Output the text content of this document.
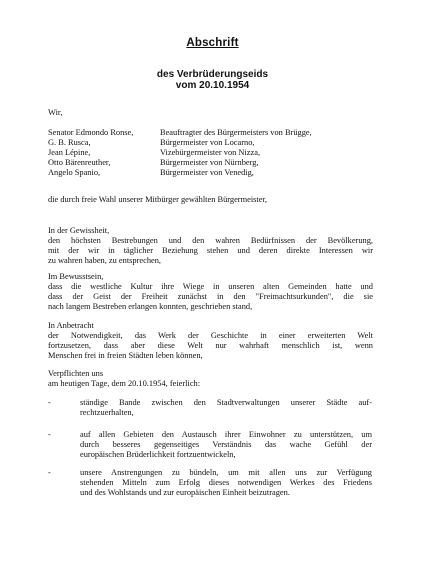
Abschrift
des Verbrüderungseids
vom 20.10.1954
Wir,
Senator Edmondo Ronse,	Beauftragter des Bürgermeisters von Brügge,
G. B. Rusca,	Bürgermeister von Locarno,
Jean Lépine,	Vizebürgermeister von Nizza,
Otto Bärenreuther,	Bürgermeister von Nürnberg,
Angelo Spanio,	Bürgermeister von Venedig,
die durch freie Wahl unserer Mitbürger gewählten Bürgermeister,
In der Gewissheit,
den höchsten Bestrebungen und den wahren Bedürfnissen der Bevölkerung,
mit der wir in täglicher Beziehung stehen und deren direkte Interessen wir
zu wahren haben, zu entsprechen,
Im Bewusstsein,
dass die westliche Kultur ihre Wiege in unseren alten Gemeinden hatte und
dass der Geist der Freiheit zunächst in den "Freimachtsurkunden", die sie
nach langem Bestreben erlangen konnten, geschrieben stand,
In Anbetracht
der Notwendigkeit, das Werk der Geschichte in einer erweiterten Welt
fortzusetzen, dass aber diese Welt nur wahrhaft menschlich ist, wenn
Menschen frei in freien Städten leben können,
Verpflichten uns
am heutigen Tage, dem 20.10.1954, feierlich:
-	ständige Bande zwischen den Stadtverwaltungen unserer Städte auf-
rechtzuerhalten,
-	auf allen Gebieten den Austausch ihrer Einwohner zu unterstützen, um
durch besseres gegenseitiges Verständnis das wache Gefühl der
europäischen Brüderlichkeit fortzuentwickeln,
-	unsere Anstrengungen zu bündeln, um mit allen uns zur Verfügung
stehenden Mitteln zum Erfolg dieses notwendigen Werkes des Friedens
und des Wohlstands und zur europäischen Einheit beizutragen.
